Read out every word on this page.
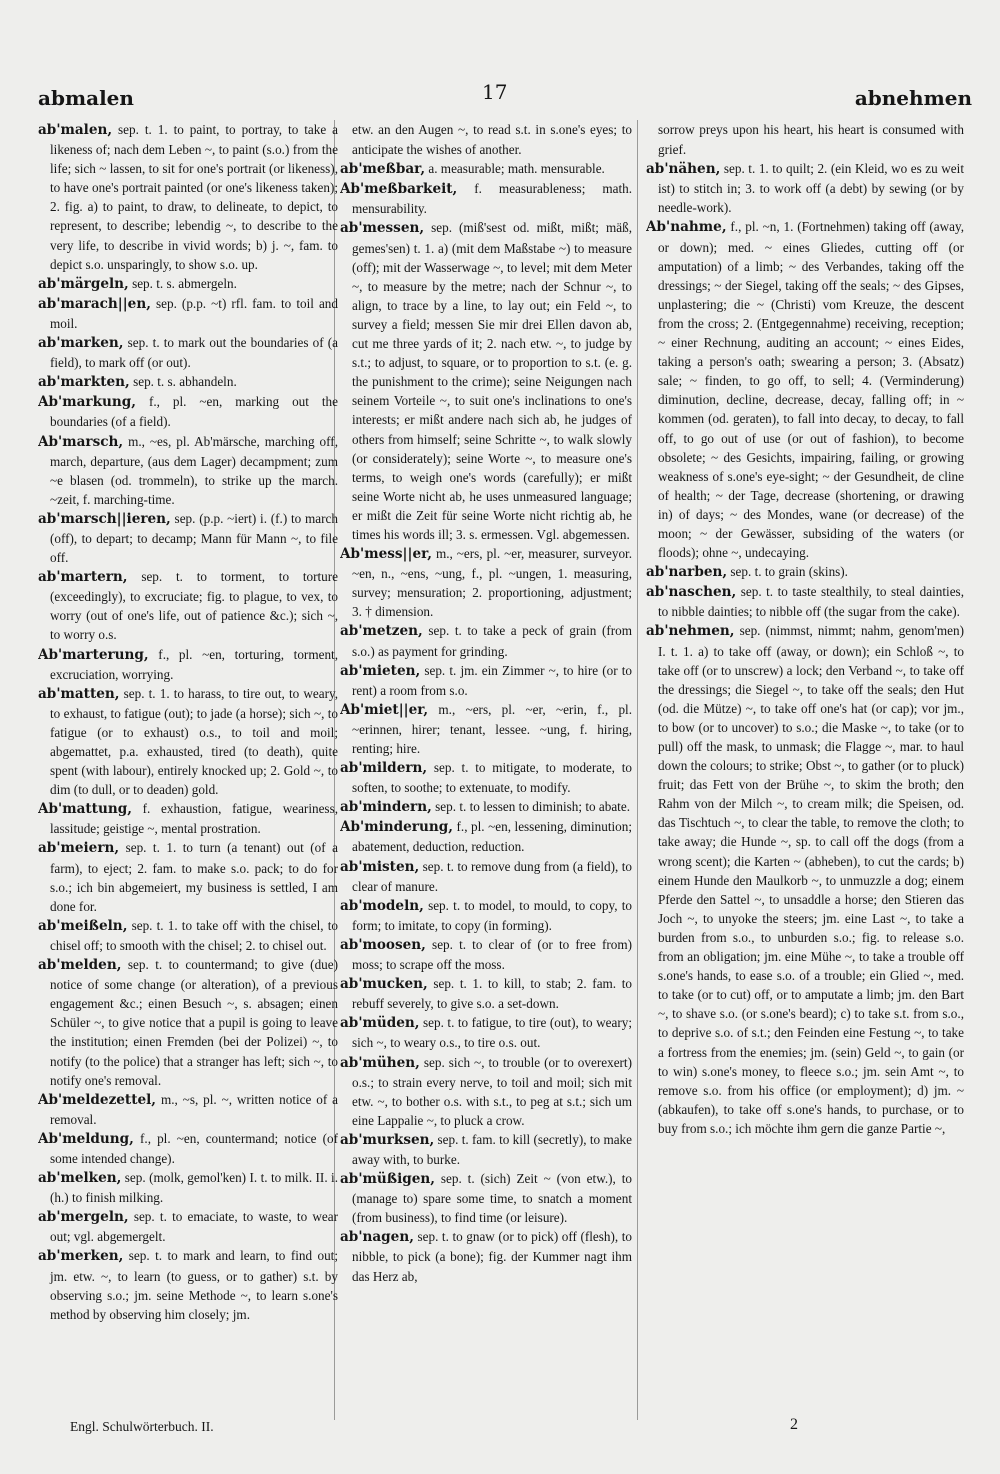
abmalen	17	abnehmen
ab'malen, sep. t. 1. to paint, to portray, to take a likeness of; nach dem Leben ~, to paint (s.o.) from the life; sich ~ lassen, to sit for one's portrait (or likeness), to have one's portrait painted (or one's likeness taken); 2. fig. a) to paint, to draw, to delineate, to depict, to represent, to describe; lebendig ~, to describe to the very life, to describe in vivid words; b) j. ~, fam. to depict s.o. unsparingly, to show s.o. up.
ab'märgeln, sep. t. s. abmergeln.
ab'marach||en, sep. (p.p. ~t) rfl. fam. to toil and moil.
ab'marken, sep. t. to mark out the boundaries of (a field), to mark off (or out).
ab'markten, sep. t. s. abhandeln.
Ab'markung, f., pl. ~en, marking out the boundaries (of a field).
Ab'marsch, m., ~es, pl. Ab'märsche, marching off, march, departure, (aus dem Lager) decampment; zum ~e blasen (od. trommeln), to strike up the march. ~zeit, f. marching-time.
ab'marsch||ieren, sep. (p.p. ~iert) i. (f.) to march (off), to depart; to decamp; Mann für Mann ~, to file off.
ab'martern, sep. t. to torment, to torture (exceedingly), to excruciate; fig. to plague, to vex, to worry (out of one's life, out of patience &c.); sich ~, to worry o.s.
Ab'marterung, f., pl. ~en, torturing, torment, excruciation, worrying.
ab'matten, sep. t. 1. to harass, to tire out, to weary, to exhaust, to fatigue (out); to jade (a horse); sich ~, to fatigue (or to exhaust) o.s., to toil and moil; abgemattet, p.a. exhausted, tired (to death), quite spent (with labour), entirely knocked up; 2. Gold ~, to dim (to dull, or to deaden) gold.
Ab'mattung, f. exhaustion, fatigue, weariness, lassitude; geistige ~, mental prostration.
ab'meiern, sep. t. 1. to turn (a tenant) out (of a farm), to eject; 2. fam. to make s.o. pack; to do for s.o.; ich bin abgemeiert, my business is settled, I am done for.
ab'meißeln, sep. t. 1. to take off with the chisel, to chisel off; to smooth with the chisel; 2. to chisel out.
ab'melden, sep. t. to countermand; to give (due) notice of some change (or alteration), of a previous engagement &c.; einen Besuch ~, s. absagen; einen Schüler ~, to give notice that a pupil is going to leave the institution; einen Fremden (bei der Polizei) ~, to notify (to the police) that a stranger has left; sich ~, to notify one's removal.
Ab'meldezettel, m., ~s, pl. ~, written notice of a removal.
Ab'meldung, f., pl. ~en, countermand; notice (of some intended change).
ab'melken, sep. (molk, gemol'ken) I. t. to milk. II. i. (h.) to finish milking.
ab'mergeln, sep. t. to emaciate, to waste, to wear out; vgl. abgemergelt.
ab'merken, sep. t. to mark and learn, to find out; jm. etw. ~, to learn (to guess, or to gather) s.t. by observing s.o.; jm. seine Methode ~, to learn s.one's method by observing him closely; jm.
etw. an den Augen ~, to read s.t. in s.one's eyes; to anticipate the wishes of another.
ab'meßbar, a. measurable; math. mensurable.
Ab'meßbarkeit, f. measurableness; math. mensurability.
ab'messen, sep. (miß'sest od. mißt, mißt; mäß, gemes'sen) t. 1. a) (mit dem Maßstabe ~) to measure (off); mit der Wasserwage ~, to level; mit dem Meter ~, to measure by the metre; nach der Schnur ~, to align, to trace by a line, to lay out; ein Feld ~, to survey a field; messen Sie mir drei Ellen davon ab, cut me three yards of it; 2. nach etw. ~, to judge by s.t.; to adjust, to square, or to proportion to s.t. (e. g. the punishment to the crime); seine Neigungen nach seinem Vorteile ~, to suit one's inclinations to one's interests; er mißt andere nach sich ab, he judges of others from himself; seine Schritte ~, to walk slowly (or considerately); seine Worte ~, to measure one's terms, to weigh one's words (carefully); er mißt seine Worte nicht ab, he uses unmeasured language; er mißt die Zeit für seine Worte nicht richtig ab, he times his words ill; 3. s. ermessen. Vgl. abgemessen.
Ab'mess||er, m., ~ers, pl. ~er, measurer, surveyor. ~en, n., ~ens, ~ung, f., pl. ~ungen, 1. measuring, survey; mensuration; 2. proportioning, adjustment; 3. † dimension.
ab'metzen, sep. t. to take a peck of grain (from s.o.) as payment for grinding.
ab'mieten, sep. t. jm. ein Zimmer ~, to hire (or to rent) a room from s.o.
Ab'miet||er, m., ~ers, pl. ~er, ~erin, f., pl. ~erinnen, hirer; tenant, lessee. ~ung, f. hiring, renting; hire.
ab'mildern, sep. t. to mitigate, to moderate, to soften, to soothe; to extenuate, to modify.
ab'mindern, sep. t. to lessen to diminish; to abate.
Ab'minderung, f., pl. ~en, lessening, diminution; abatement, deduction, reduction.
ab'misten, sep. t. to remove dung from (a field), to clear of manure.
ab'modeln, sep. t. to model, to mould, to copy, to form; to imitate, to copy (in forming).
ab'moosen, sep. t. to clear of (or to free from) moss; to scrape off the moss.
ab'mucken, sep. t. 1. to kill, to stab; 2. fam. to rebuff severely, to give s.o. a set-down.
ab'müden, sep. t. to fatigue, to tire (out), to weary; sich ~, to weary o.s., to tire o.s. out.
ab'mühen, sep. sich ~, to trouble (or to overexert) o.s.; to strain every nerve, to toil and moil; sich mit etw. ~, to bother o.s. with s.t., to peg at s.t.; sich um eine Lappalie ~, to pluck a crow.
ab'murksen, sep. t. fam. to kill (secretly), to make away with, to burke.
ab'müßigen, sep. t. (sich) Zeit ~ (von etw.), to (manage to) spare some time, to snatch a moment (from business), to find time (or leisure).
ab'nagen, sep. t. to gnaw (or to pick) off (flesh), to nibble, to pick (a bone); fig. der Kummer nagt ihm das Herz ab,
sorrow preys upon his heart, his heart is consumed with grief.
ab'nähen, sep. t. 1. to quilt; 2. (ein Kleid, wo es zu weit ist) to stitch in; 3. to work off (a debt) by sewing (or by needle-work).
Ab'nahme, f., pl. ~n, 1. (Fortnehmen) taking off (away, or down); med. ~ eines Gliedes, cutting off (or amputation) of a limb; ~ des Verbandes, taking off the dressings; ~ der Siegel, taking off the seals; ~ des Gipses, unplastering; die ~ (Christi) vom Kreuze, the descent from the cross; 2. (Entgegennahme) receiving, reception; ~ einer Rechnung, auditing an account; ~ eines Eides, taking a person's oath; swearing a person; 3. (Absatz) sale; ~ finden, to go off, to sell; 4. (Verminderung) diminution, decline, decrease, decay, falling off; in ~ kommen (od. geraten), to fall into decay, to decay, to fall off, to go out of use (or out of fashion), to become obsolete; ~ des Gesichts, impairing, failing, or growing weakness of s.one's eye-sight; ~ der Gesundheit, de cline of health; ~ der Tage, decrease (shortening, or drawing in) of days; ~ des Mondes, wane (or decrease) of the moon; ~ der Gewässer, subsiding of the waters (or floods); ohne ~, undecaying.
ab'narben, sep. t. to grain (skins).
ab'naschen, sep. t. to taste stealthily, to steal dainties, to nibble dainties; to nibble off (the sugar from the cake).
ab'nehmen, sep. (nimmst, nimmt; nahm, genom'men) I. t. 1. a) to take off (away, or down); ein Schloß ~, to take off (or to unscrew) a lock; den Verband ~, to take off the dressings; die Siegel ~, to take off the seals; den Hut (od. die Mütze) ~, to take off one's hat (or cap); vor jm., to bow (or to uncover) to s.o.; die Maske ~, to take (or to pull) off the mask, to unmask; die Flagge ~, mar. to haul down the colours; to strike; Obst ~, to gather (or to pluck) fruit; das Fett von der Brühe ~, to skim the broth; den Rahm von der Milch ~, to cream milk; die Speisen, od. das Tischtuch ~, to clear the table, to remove the cloth; to take away; die Hunde ~, sp. to call off the dogs (from a wrong scent); die Karten ~ (abheben), to cut the cards; b) einem Hunde den Maulkorb ~, to unmuzzle a dog; einem Pferde den Sattel ~, to unsaddle a horse; den Stieren das Joch ~, to unyoke the steers; jm. eine Last ~, to take a burden from s.o., to unburden s.o.; fig. to release s.o. from an obligation; jm. eine Mühe ~, to take a trouble off s.one's hands, to ease s.o. of a trouble; ein Glied ~, med. to take (or to cut) off, or to amputate a limb; jm. den Bart ~, to shave s.o. (or s.one's beard); c) to take s.t. from s.o., to deprive s.o. of s.t.; den Feinden eine Festung ~, to take a fortress from the enemies; jm. (sein) Geld ~, to gain (or to win) s.one's money, to fleece s.o.; jm. sein Amt ~, to remove s.o. from his office (or employment); d) jm. ~ (abkaufen), to take off s.one's hands, to purchase, or to buy from s.o.; ich möchte ihm gern die ganze Partie ~,
Engl. Schulwörterbuch. II.	2
